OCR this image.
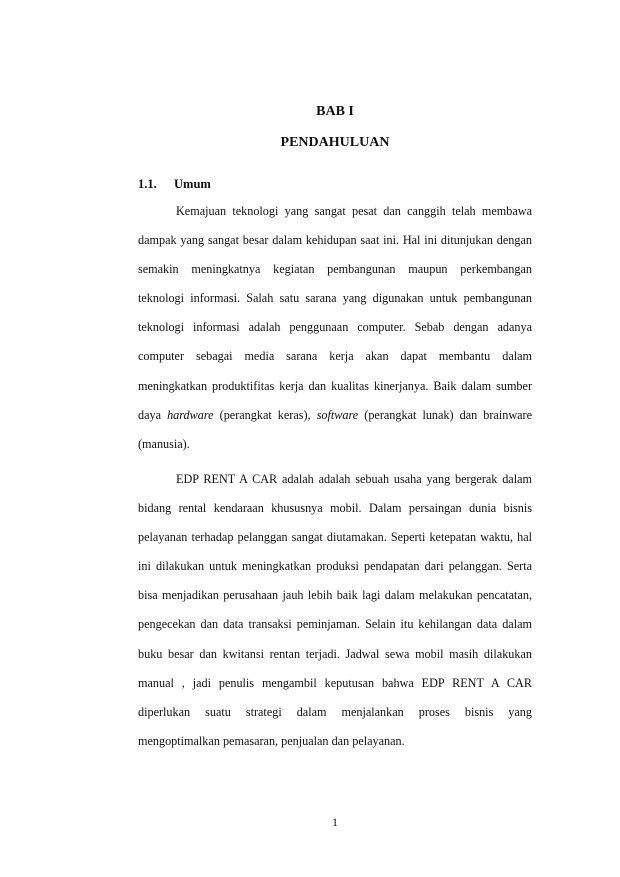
BAB I
PENDAHULUAN
1.1. Umum

Kemajuan teknologi yang sangat pesat dan canggih telah membawa dampak yang sangat besar dalam kehidupan saat ini. Hal ini ditunjukan dengan semakin meningkatnya kegiatan pembangunan maupun perkembangan teknologi informasi. Salah satu sarana yang digunakan untuk pembangunan teknologi informasi adalah penggunaan computer. Sebab dengan adanya computer sebagai media sarana kerja akan dapat membantu dalam meningkatkan produktifitas kerja dan kualitas kinerjanya. Baik dalam sumber daya hardware (perangkat keras), software (perangkat lunak) dan brainware (manusia).

EDP RENT A CAR adalah adalah sebuah usaha yang bergerak dalam bidang rental kendaraan khususnya mobil. Dalam persaingan dunia bisnis pelayanan terhadap pelanggan sangat diutamakan. Seperti ketepatan waktu, hal ini dilakukan untuk meningkatkan produksi pendapatan dari pelanggan. Serta bisa menjadikan perusahaan jauh lebih baik lagi dalam melakukan pencatatan, pengecekan dan data transaksi peminjaman. Selain itu kehilangan data dalam buku besar dan kwitansi rentan terjadi. Jadwal sewa mobil masih dilakukan manual , jadi penulis mengambil keputusan bahwa EDP RENT A CAR diperlukan suatu strategi dalam menjalankan proses bisnis yang mengoptimalkan pemasaran, penjualan dan pelayanan.

1
